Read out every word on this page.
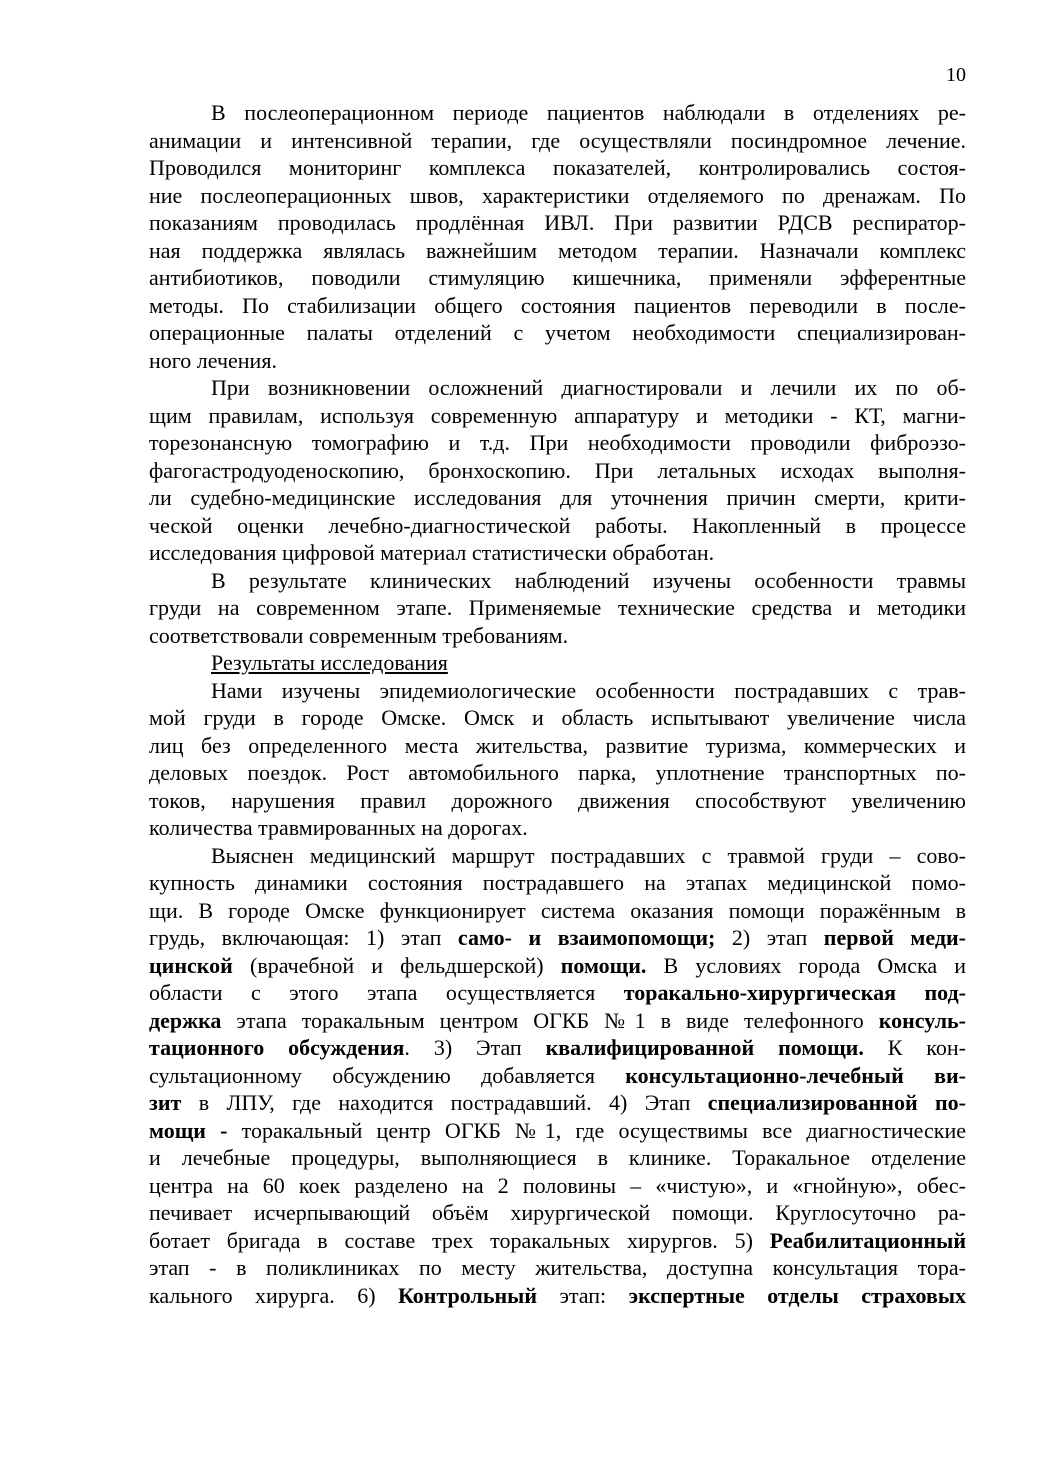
10
В послеоперационном периоде пациентов наблюдали в отделениях ре-
анимации и интенсивной терапии, где осуществляли посиндромное лечение.
Проводился мониторинг комплекса показателей, контролировались состоя-
ние послеоперационных швов, характеристики отделяемого по дренажам. По
показаниям проводилась продлённая ИВЛ. При развитии РДСВ респиратор-
ная поддержка являлась важнейшим методом терапии. Назначали комплекс
антибиотиков, поводили стимуляцию кишечника, применяли эфферентные
методы. По стабилизации общего состояния пациентов переводили в после-
операционные палаты отделений с учетом необходимости специализирован-
ного лечения.
При возникновении осложнений диагностировали и лечили их по об-
щим правилам, используя современную аппаратуру и методики - КТ, магни-
торезонансную томографию и т.д. При необходимости проводили фиброэзо-
фагогастродуоденоскопию, бронхоскопию. При летальных исходах выполня-
ли судебно-медицинские исследования для уточнения причин смерти, крити-
ческой оценки лечебно-диагностической работы. Накопленный в процессе
исследования цифровой материал статистически обработан.
В результате клинических наблюдений изучены особенности травмы
груди на современном этапе. Применяемые технические средства и методики
соответствовали современным требованиям.
Результаты исследования
Нами изучены эпидемиологические особенности пострадавших с трав-
мой груди в городе Омске. Омск и область испытывают увеличение числа
лиц без определенного места жительства, развитие туризма, коммерческих и
деловых поездок. Рост автомобильного парка, уплотнение транспортных по-
токов, нарушения правил дорожного движения способствуют увеличению
количества травмированных на дорогах.
Выяснен медицинский маршрут пострадавших с травмой груди – сово-
купность динамики состояния пострадавшего на этапах медицинской помо-
щи. В городе Омске функционирует система оказания помощи поражённым в
грудь, включающая: 1) этап само- и взаимопомощи; 2) этап первой меди-
цинской (врачебной и фельдшерской) помощи. В условиях города Омска и
области с этого этапа осуществляется торакально-хирургическая под-
держка этапа торакальным центром ОГКБ №1 в виде телефонного консуль-
тационного обсуждения. 3) Этап квалифицированной помощи. К кон-
сультационному обсуждению добавляется консультационно-лечебный ви-
зит в ЛПУ, где находится пострадавший. 4) Этап специализированной по-
мощи - торакальный центр ОГКБ №1, где осуществимы все диагностические
и лечебные процедуры, выполняющиеся в клинике. Торакальное отделение
центра на 60 коек разделено на 2 половины – «чистую», и «гнойную», обес-
печивает исчерпывающий объём хирургической помощи. Круглосуточно ра-
ботает бригада в составе трех торакальных хирургов. 5) Реабилитационный
этап - в поликлиниках по месту жительства, доступна консультация тора-
кального хирурга. 6) Контрольный этап: экспертные отделы страховых
